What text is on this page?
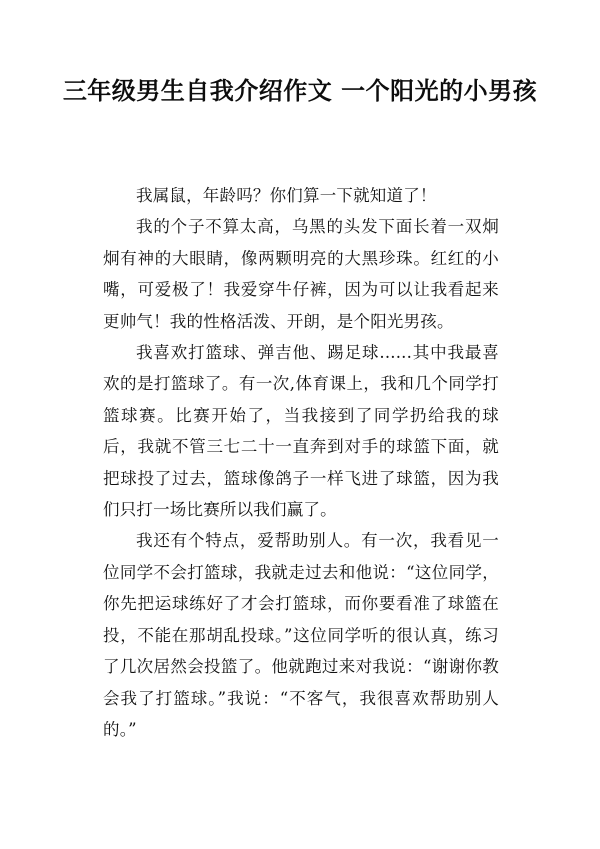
三年级男生自我介绍作文 一个阳光的小男孩

我属鼠，年龄吗？你们算一下就知道了！

我的个子不算太高，乌黑的头发下面长着一双炯炯有神的大眼睛，像两颗明亮的大黑珍珠。红红的小嘴，可爱极了！我爱穿牛仔裤，因为可以让我看起来更帅气！我的性格活泼、开朗，是个阳光男孩。

我喜欢打篮球、弹吉他、踢足球......其中我最喜欢的是打篮球了。有一次,体育课上，我和几个同学打篮球赛。比赛开始了，当我接到了同学扔给我的球后，我就不管三七二十一直奔到对手的球篮下面，就把球投了过去，篮球像鸽子一样飞进了球篮，因为我们只打一场比赛所以我们赢了。

我还有个特点，爱帮助别人。有一次，我看见一位同学不会打篮球，我就走过去和他说：“这位同学，你先把运球练好了才会打篮球，而你要看准了球篮在投，不能在那胡乱投球。”这位同学听的很认真，练习了几次居然会投篮了。他就跑过来对我说：“谢谢你教会我了打篮球。”我说：“不客气，我很喜欢帮助别人的。”
